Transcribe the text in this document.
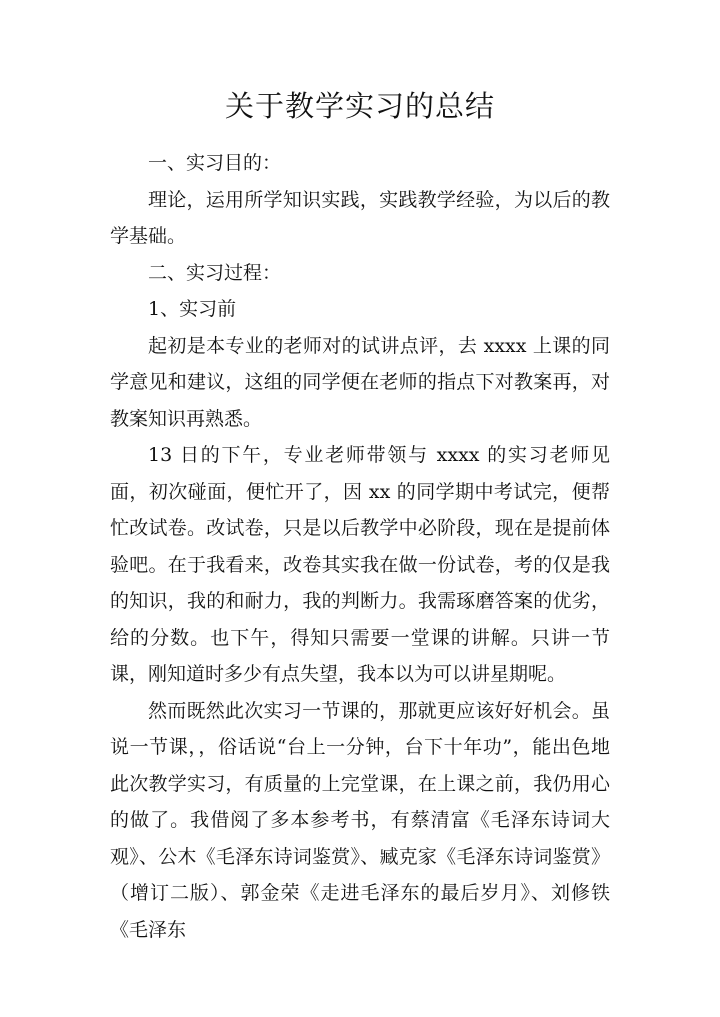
关于教学实习的总结

一、实习目的：

理论，运用所学知识实践，实践教学经验，为以后的教学基础。

二、实习过程：

1、实习前

起初是本专业的老师对的试讲点评，去 xxxx 上课的同学意见和建议，这组的同学便在老师的指点下对教案再，对教案知识再熟悉。

13 日的下午，专业老师带领与 xxxx 的实习老师见面，初次碰面，便忙开了，因 xx 的同学期中考试完，便帮忙改试卷。改试卷，只是以后教学中必阶段，现在是提前体验吧。在于我看来，改卷其实我在做一份试卷，考的仅是我的知识，我的和耐力，我的判断力。我需琢磨答案的优劣，给的分数。也下午，得知只需要一堂课的讲解。只讲一节课，刚知道时多少有点失望，我本以为可以讲星期呢。

然而既然此次实习一节课的，那就更应该好好机会。虽说一节课，，俗话说“台上一分钟，台下十年功”，能出色地此次教学实习，有质量的上完堂课，在上课之前，我仍用心的做了。我借阅了多本参考书，有蔡清富《毛泽东诗词大观》、公木《毛泽东诗词鉴赏》、臧克家《毛泽东诗词鉴赏》（增订二版）、郭金荣《走进毛泽东的最后岁月》、刘修铁《毛泽东
